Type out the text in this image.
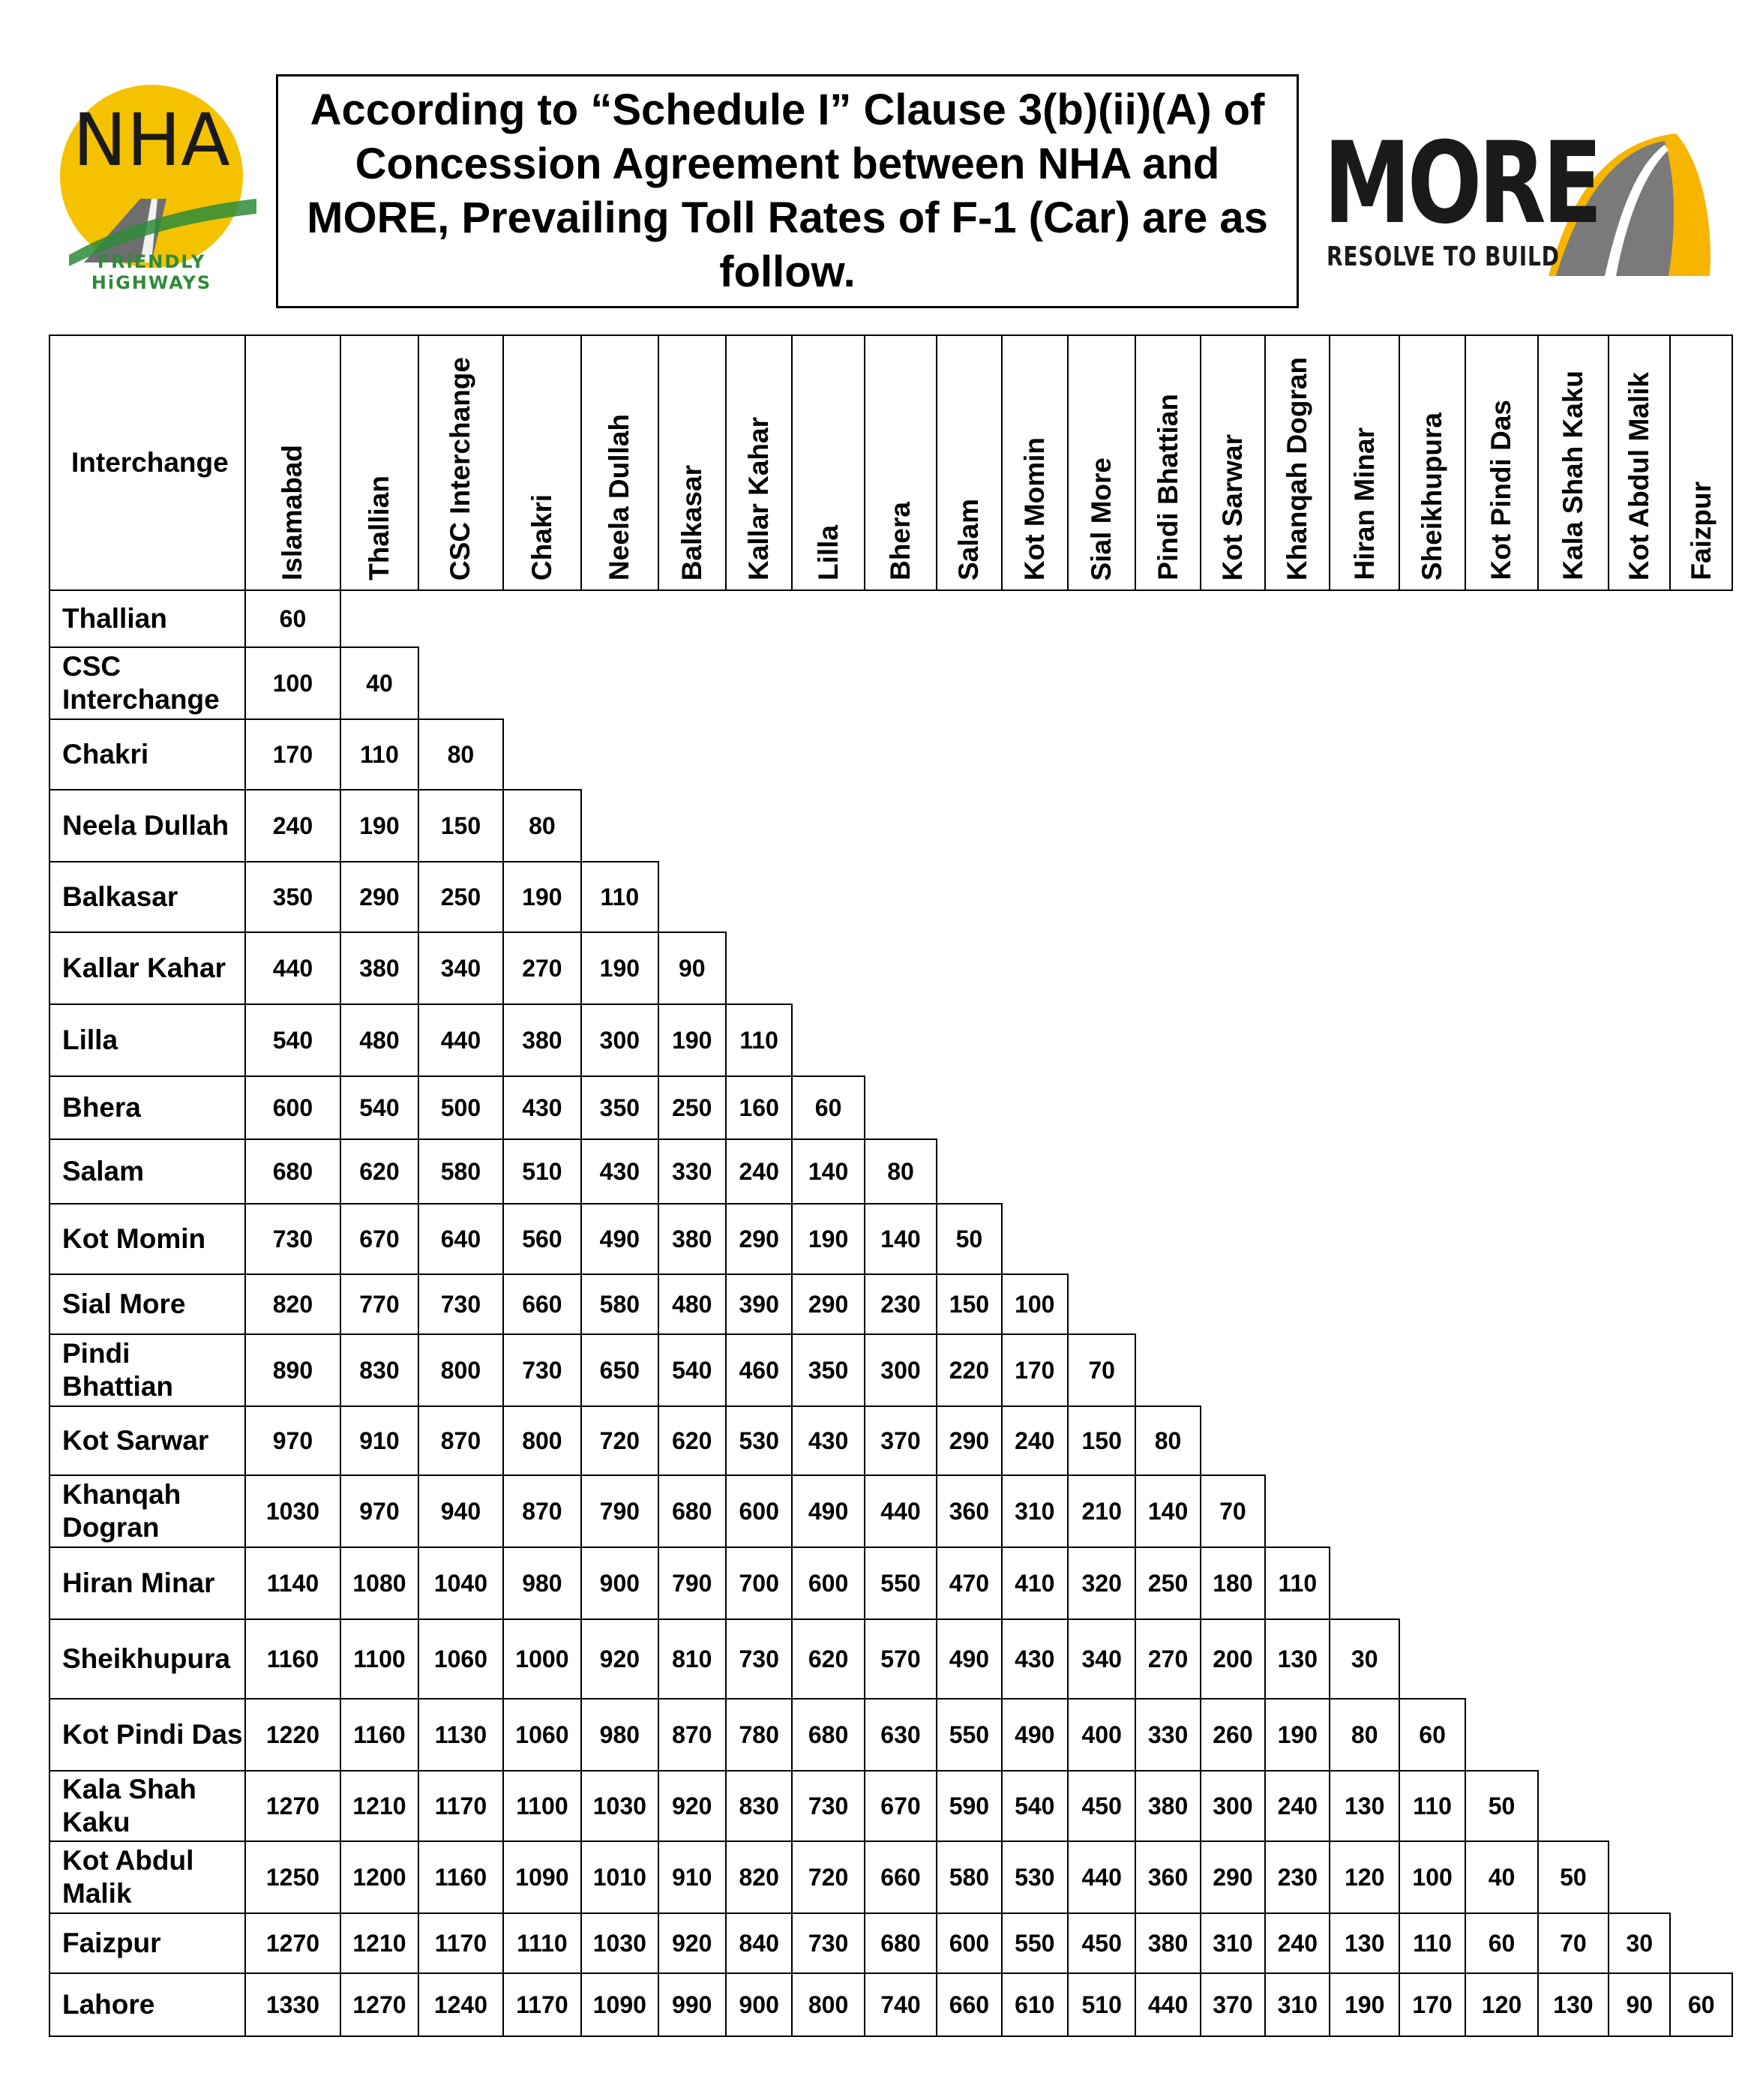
NHA
FRiENDLY HiGHWAYS
According to “Schedule I” Clause 3(b)(ii)(A) of Concession Agreement between NHA and MORE, Prevailing Toll Rates of F-1 (Car) are as follow.
MORE
RESOLVE TO BUILD
Interchange	Islamabad	Thallian	CSC Interchange	Chakri	Neela Dullah	Balkasar	Kallar Kahar	Lilla	Bhera	Salam	Kot Momin	Sial More	Pindi Bhattian	Kot Sarwar	Khanqah Dogran	Hiran Minar	Sheikhupura	Kot Pindi Das	Kala Shah Kaku	Kot Abdul Malik	Faizpur

Thallian	60																				
CSC Interchange	100	40																			
Chakri	170	110	80																		
Neela Dullah	240	190	150	80																	
Balkasar	350	290	250	190	110																
Kallar Kahar	440	380	340	270	190	90															
Lilla	540	480	440	380	300	190	110														
Bhera	600	540	500	430	350	250	160	60													
Salam	680	620	580	510	430	330	240	140	80												
Kot Momin	730	670	640	560	490	380	290	190	140	50											
Sial More	820	770	730	660	580	480	390	290	230	150	100										
Pindi Bhattian	890	830	800	730	650	540	460	350	300	220	170	70									
Kot Sarwar	970	910	870	800	720	620	530	430	370	290	240	150	80								
Khanqah Dogran	1030	970	940	870	790	680	600	490	440	360	310	210	140	70							
Hiran Minar	1140	1080	1040	980	900	790	700	600	550	470	410	320	250	180	110						
Sheikhupura	1160	1100	1060	1000	920	810	730	620	570	490	430	340	270	200	130	30					
Kot Pindi Das	1220	1160	1130	1060	980	870	780	680	630	550	490	400	330	260	190	80	60				
Kala Shah Kaku	1270	1210	1170	1100	1030	920	830	730	670	590	540	450	380	300	240	130	110	50			
Kot Abdul Malik	1250	1200	1160	1090	1010	910	820	720	660	580	530	440	360	290	230	120	100	40	50		
Faizpur	1270	1210	1170	1110	1030	920	840	730	680	600	550	450	380	310	240	130	110	60	70	30	
Lahore	1330	1270	1240	1170	1090	990	900	800	740	660	610	510	440	370	310	190	170	120	130	90	60
